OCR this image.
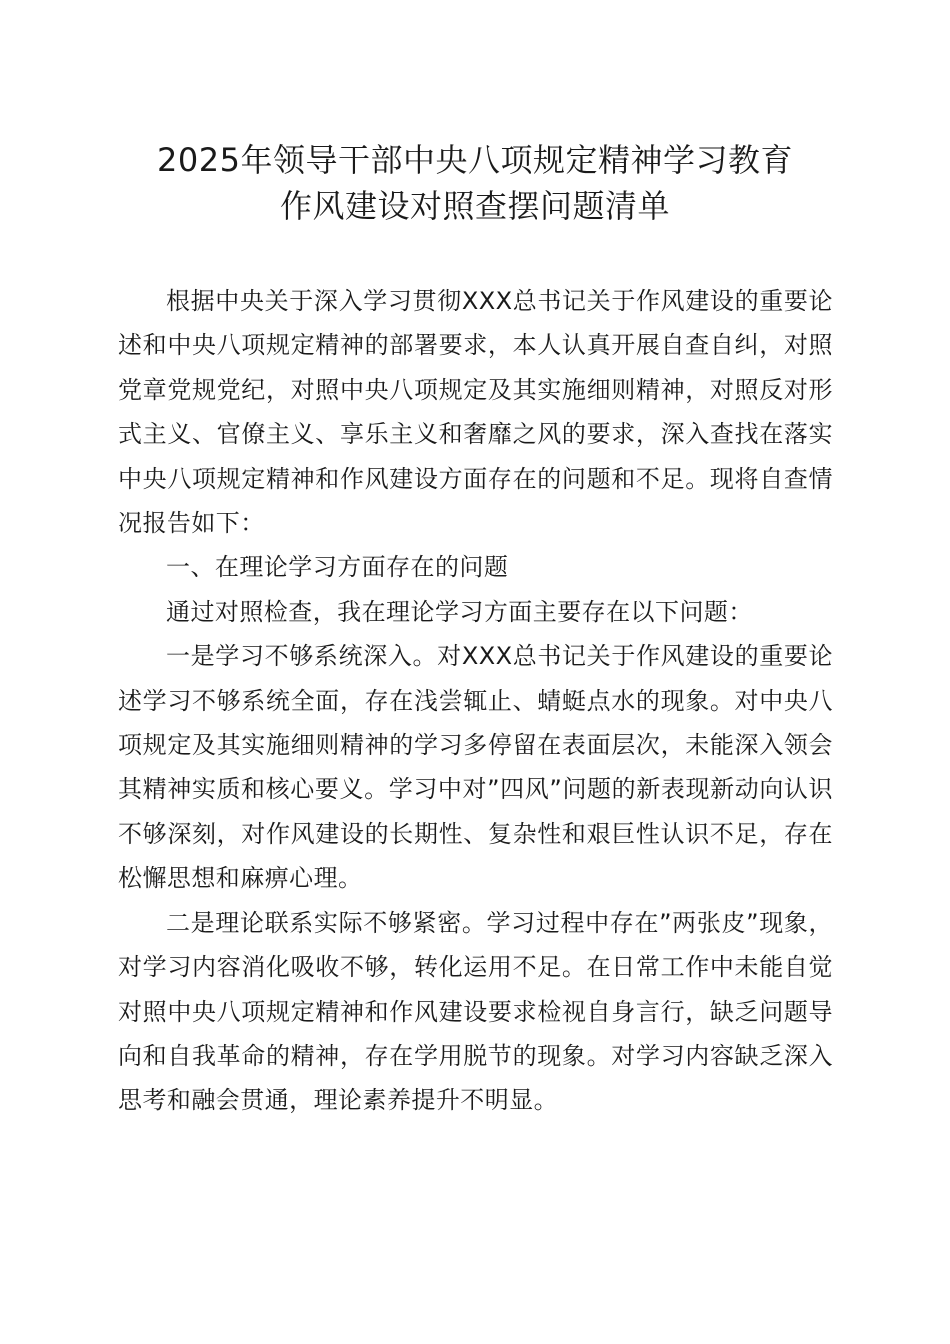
2025年领导干部中央八项规定精神学习教育
作风建设对照查摆问题清单

根据中央关于深入学习贯彻XXX总书记关于作风建设的重要论述和中央八项规定精神的部署要求，本人认真开展自查自纠，对照党章党规党纪，对照中央八项规定及其实施细则精神，对照反对形式主义、官僚主义、享乐主义和奢靡之风的要求，深入查找在落实中央八项规定精神和作风建设方面存在的问题和不足。现将自查情况报告如下：

一、在理论学习方面存在的问题

通过对照检查，我在理论学习方面主要存在以下问题：

一是学习不够系统深入。对XXX总书记关于作风建设的重要论述学习不够系统全面，存在浅尝辄止、蜻蜓点水的现象。对中央八项规定及其实施细则精神的学习多停留在表面层次，未能深入领会其精神实质和核心要义。学习中对”四风”问题的新表现新动向认识不够深刻，对作风建设的长期性、复杂性和艰巨性认识不足，存在松懈思想和麻痹心理。

二是理论联系实际不够紧密。学习过程中存在”两张皮”现象，对学习内容消化吸收不够，转化运用不足。在日常工作中未能自觉对照中央八项规定精神和作风建设要求检视自身言行，缺乏问题导向和自我革命的精神，存在学用脱节的现象。对学习内容缺乏深入思考和融会贯通，理论素养提升不明显。
